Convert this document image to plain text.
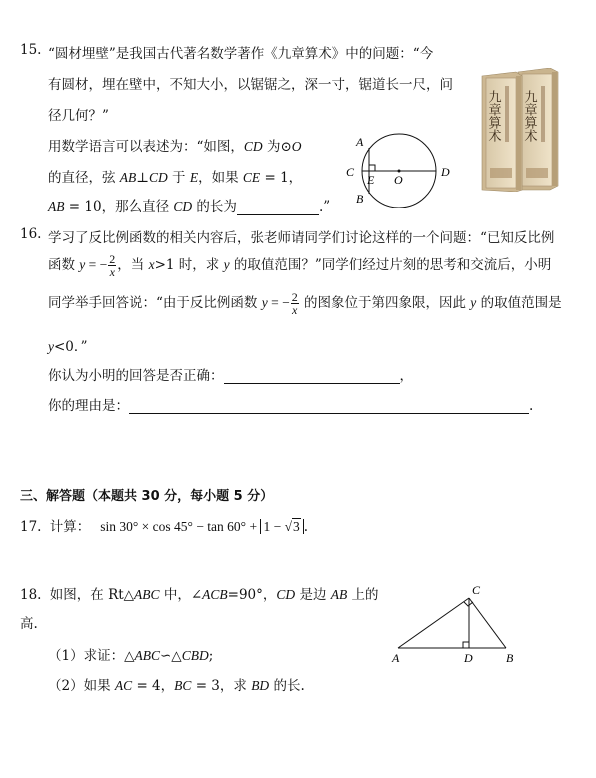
15. “圆材埋壁”是我国古代著名数学著作《九章算术》中的问题：“今
有圆材，埋在壁中，不知大小，以锯锯之，深一寸，锯道长一尺，问
径几何？”
用数学语言可以表述为：“如图，CD 为⊙O
的直径，弦 AB⊥CD 于 E，如果 CE = 1，
AB = 10，那么直径 CD 的长为	.”
A
B
C
E O
D
九章算术 九章算术
16. 学习了反比例函数的相关内容后，张老师请同学们讨论这样的一个问题：“已知反比例
函数 y = − $\frac{2}{x}$ ，当 x>1 时，求 y 的取值范围？”同学们经过片刻的思考和交流后，小明
同学举手回答说：“由于反比例函数 y = − $\frac{2}{x}$ 的图象位于第四象限，因此 y 的取值范围是
y<0．”
你认为小明的回答是否正确：	，
你的理由是：	.
三、解答题（本题共 30 分，每小题 5 分）
17. 计算： sin 30° × cos 45° − tan 60° + 1 − √3 .
18. 如图，在 Rt△ABC 中，∠ACB=90°，CD 是边 AB 上的
高.
（1）求证：△ABC∽△CBD;
（2）如果 AC = 4，BC = 3，求 BD 的长.
A	D	B
C
